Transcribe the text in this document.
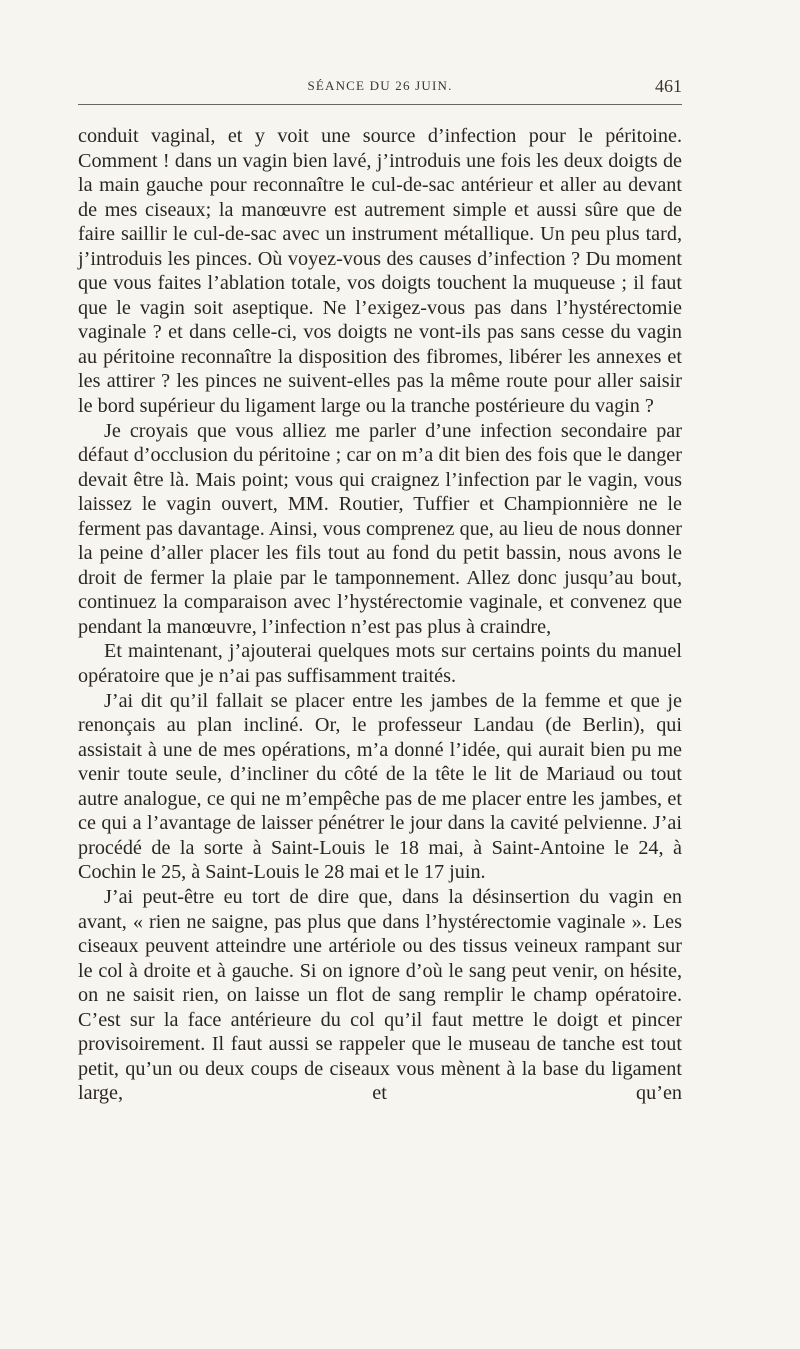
SÉANCE DU 26 JUIN.	461

conduit vaginal, et y voit une source d’infection pour le péritoine. Comment ! dans un vagin bien lavé, j’introduis une fois les deux doigts de la main gauche pour reconnaître le cul-de-sac antérieur et aller au devant de mes ciseaux; la manœuvre est autrement simple et aussi sûre que de faire saillir le cul-de-sac avec un instrument métallique. Un peu plus tard, j’introduis les pinces. Où voyez-vous des causes d’infection ? Du moment que vous faites l’ablation totale, vos doigts touchent la muqueuse ; il faut que le vagin soit aseptique. Ne l’exigez-vous pas dans l’hystérectomie vaginale ? et dans celle-ci, vos doigts ne vont-ils pas sans cesse du vagin au péritoine reconnaître la disposition des fibromes, libérer les annexes et les attirer ? les pinces ne suivent-elles pas la même route pour aller saisir le bord supérieur du ligament large ou la tranche postérieure du vagin ?

Je croyais que vous alliez me parler d’une infection secondaire par défaut d’occlusion du péritoine ; car on m’a dit bien des fois que le danger devait être là. Mais point; vous qui craignez l’infection par le vagin, vous laissez le vagin ouvert, MM. Routier, Tuffier et Championnière ne le ferment pas davantage. Ainsi, vous comprenez que, au lieu de nous donner la peine d’aller placer les fils tout au fond du petit bassin, nous avons le droit de fermer la plaie par le tamponnement. Allez donc jusqu’au bout, continuez la comparaison avec l’hystérectomie vaginale, et convenez que pendant la manœuvre, l’infection n’est pas plus à craindre,

Et maintenant, j’ajouterai quelques mots sur certains points du manuel opératoire que je n’ai pas suffisamment traités.

J’ai dit qu’il fallait se placer entre les jambes de la femme et que je renonçais au plan incliné. Or, le professeur Landau (de Berlin), qui assistait à une de mes opérations, m’a donné l’idée, qui aurait bien pu me venir toute seule, d’incliner du côté de la tête le lit de Mariaud ou tout autre analogue, ce qui ne m’empêche pas de me placer entre les jambes, et ce qui a l’avantage de laisser pénétrer le jour dans la cavité pelvienne. J’ai procédé de la sorte à Saint-Louis le 18 mai, à Saint-Antoine le 24, à Cochin le 25, à Saint-Louis le 28 mai et le 17 juin.

J’ai peut-être eu tort de dire que, dans la désinsertion du vagin en avant, « rien ne saigne, pas plus que dans l’hystérectomie vaginale ». Les ciseaux peuvent atteindre une artériole ou des tissus veineux rampant sur le col à droite et à gauche. Si on ignore d’où le sang peut venir, on hésite, on ne saisit rien, on laisse un flot de sang remplir le champ opératoire. C’est sur la face antérieure du col qu’il faut mettre le doigt et pincer provisoirement. Il faut aussi se rappeler que le museau de tanche est tout petit, qu’un ou deux coups de ciseaux vous mènent à la base du ligament large, et qu’en
